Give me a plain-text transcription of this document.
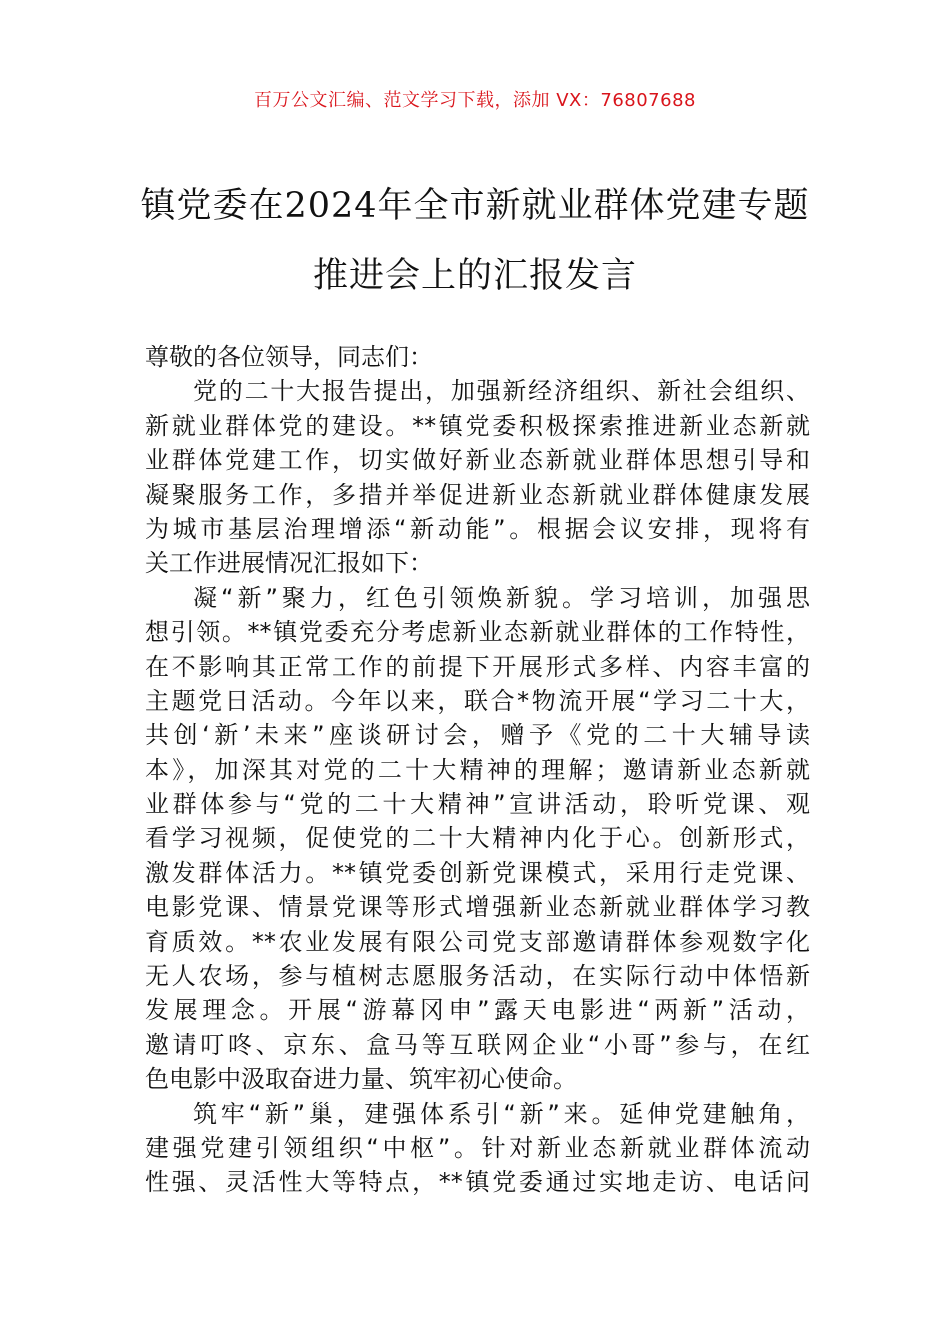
百万公文汇编、范文学习下载，添加 VX：76807688
镇党委在2024年全市新就业群体党建专题
推进会上的汇报发言
尊敬的各位领导，同志们：
党的二十大报告提出，加强新经济组织、新社会组织、
新就业群体党的建设。**镇党委积极探索推进新业态新就
业群体党建工作，切实做好新业态新就业群体思想引导和
凝聚服务工作，多措并举促进新业态新就业群体健康发展
为城市基层治理增添“新动能”。根据会议安排，现将有
关工作进展情况汇报如下：
凝“新”聚力，红色引领焕新貌。学习培训，加强思
想引领。**镇党委充分考虑新业态新就业群体的工作特性，
在不影响其正常工作的前提下开展形式多样、内容丰富的
主题党日活动。今年以来，联合*物流开展“学习二十大，
共创‘新’未来”座谈研讨会，赠予《党的二十大辅导读
本》，加深其对党的二十大精神的理解；邀请新业态新就
业群体参与“党的二十大精神”宣讲活动，聆听党课、观
看学习视频，促使党的二十大精神内化于心。创新形式，
激发群体活力。**镇党委创新党课模式，采用行走党课、
电影党课、情景党课等形式增强新业态新就业群体学习教
育质效。**农业发展有限公司党支部邀请群体参观数字化
无人农场，参与植树志愿服务活动，在实际行动中体悟新
发展理念。开展“游幕冈申”露天电影进“两新”活动，
邀请叮咚、京东、盒马等互联网企业“小哥”参与，在红
色电影中汲取奋进力量、筑牢初心使命。
筑牢“新”巢，建强体系引“新”来。延伸党建触角，
建强党建引领组织“中枢”。针对新业态新就业群体流动
性强、灵活性大等特点，**镇党委通过实地走访、电话问
